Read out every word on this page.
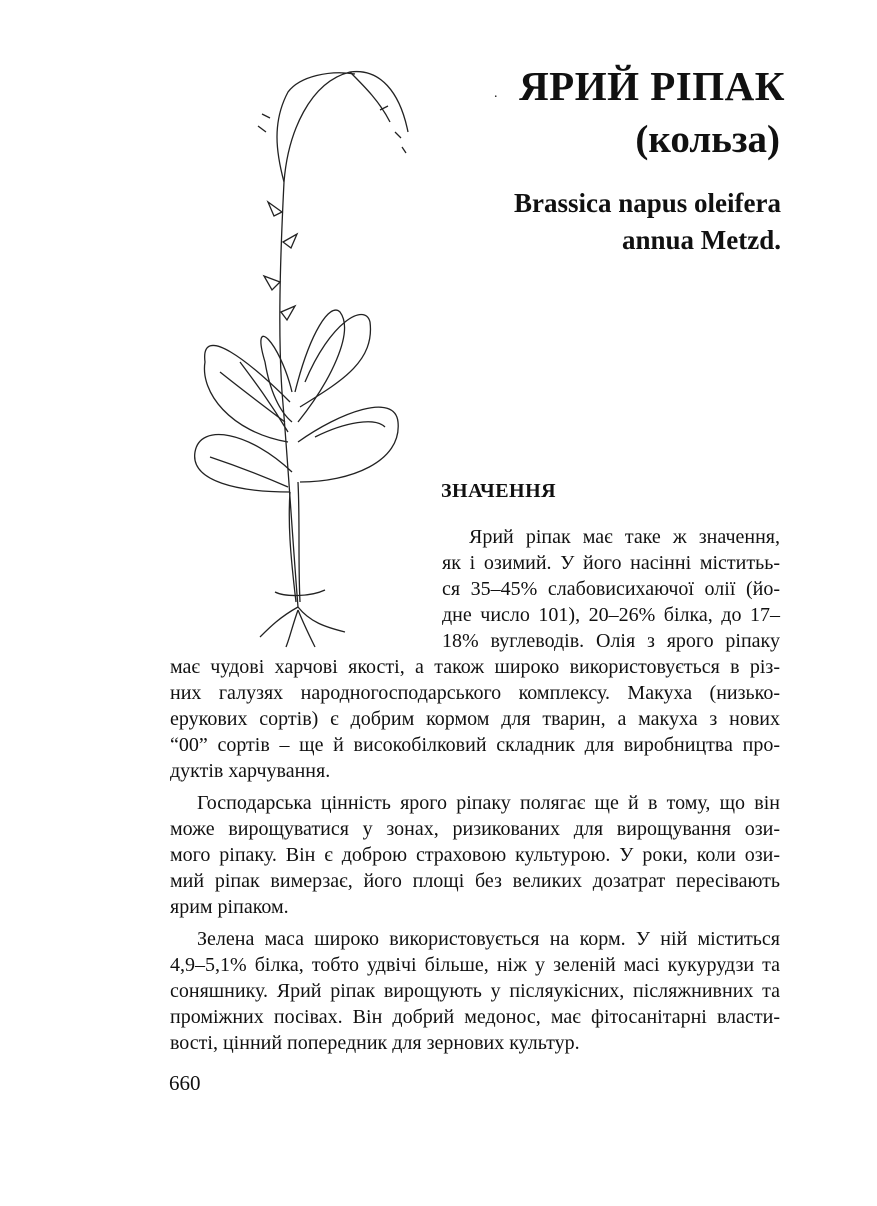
. ЯРИЙ РІПАК
(кользa)
Brassica napus oleifera
annua Metzd.
ЗНАЧЕННЯ
Ярий ріпак має таке ж значення,
як і озимий. У його насінні міститьь-
ся 35–45% слабовисихаючої олії (йо-
дне число 101), 20–26% білка, до 17–
18% вуглеводів. Олія з ярого ріпаку
має чудові харчові якості, а також широко використовується в різ-
них галузях народногосподарського комплексу. Макуха (низько-
ерукових сортів) є добрим кормом для тварин, а макуха з нових
“00” сортів – ще й високобілковий складник для виробництва про-
дуктів харчування.
Господарська цінність ярого ріпаку полягає ще й в тому, що він
може вирощуватися у зонах, ризикованих для вирощування ози-
мого ріпаку. Він є доброю страховою культурою. У роки, коли ози-
мий ріпак вимерзає, його площі без великих дозатрат пересівають
ярим ріпаком.
Зелена маса широко використовується на корм. У ній міститься
4,9–5,1% білка, тобто удвічі більше, ніж у зеленій масі кукурудзи та
соняшнику. Ярий ріпак вирощують у післяукісних, післяжнивних та
проміжних посівах. Він добрий медонос, має фітосанітарні власти-
вості, цінний попередник для зернових культур.
660
